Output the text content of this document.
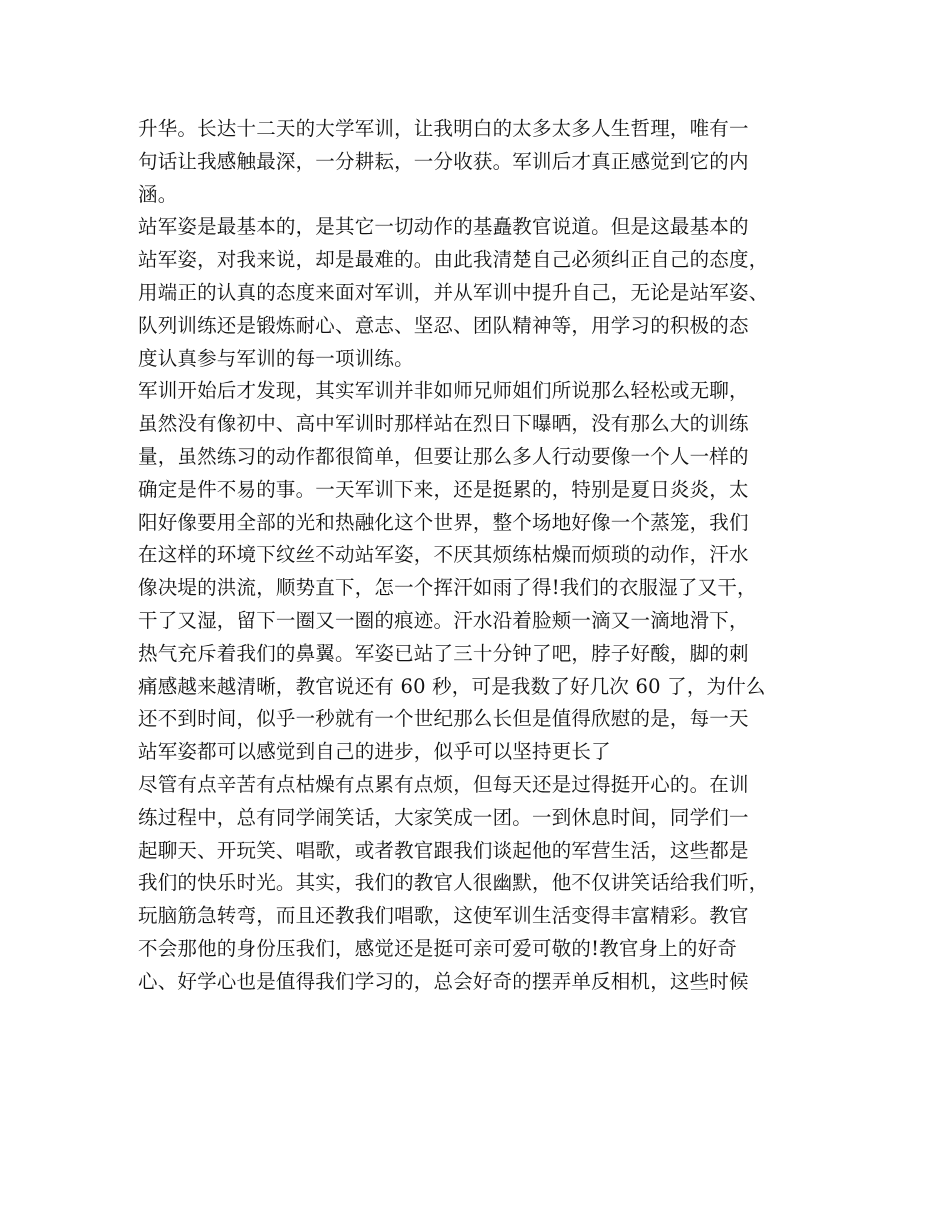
升华。长达十二天的大学军训，让我明白的太多太多人生哲理，唯有一
句话让我感触最深，一分耕耘，一分收获。军训后才真正感觉到它的内
涵。
站军姿是最基本的，是其它一切动作的基矗教官说道。但是这最基本的
站军姿，对我来说，却是最难的。由此我清楚自己必须纠正自己的态度，
用端正的认真的态度来面对军训，并从军训中提升自己，无论是站军姿、
队列训练还是锻炼耐心、意志、坚忍、团队精神等，用学习的积极的态
度认真参与军训的每一项训练。
军训开始后才发现，其实军训并非如师兄师姐们所说那么轻松或无聊，
虽然没有像初中、高中军训时那样站在烈日下曝晒，没有那么大的训练
量，虽然练习的动作都很简单，但要让那么多人行动要像一个人一样的
确定是件不易的事。一天军训下来，还是挺累的，特别是夏日炎炎，太
阳好像要用全部的光和热融化这个世界，整个场地好像一个蒸笼，我们
在这样的环境下纹丝不动站军姿，不厌其烦练枯燥而烦琐的动作，汗水
像决堤的洪流，顺势直下，怎一个挥汗如雨了得!我们的衣服湿了又干，
干了又湿，留下一圈又一圈的痕迹。汗水沿着脸颊一滴又一滴地滑下，
热气充斥着我们的鼻翼。军姿已站了三十分钟了吧，脖子好酸，脚的刺
痛感越来越清晰，教官说还有 60 秒，可是我数了好几次 60 了，为什么
还不到时间，似乎一秒就有一个世纪那么长但是值得欣慰的是，每一天
站军姿都可以感觉到自己的进步，似乎可以坚持更长了
尽管有点辛苦有点枯燥有点累有点烦，但每天还是过得挺开心的。在训
练过程中，总有同学闹笑话，大家笑成一团。一到休息时间，同学们一
起聊天、开玩笑、唱歌，或者教官跟我们谈起他的军营生活，这些都是
我们的快乐时光。其实，我们的教官人很幽默，他不仅讲笑话给我们听，
玩脑筋急转弯，而且还教我们唱歌，这使军训生活变得丰富精彩。教官
不会那他的身份压我们，感觉还是挺可亲可爱可敬的!教官身上的好奇
心、好学心也是值得我们学习的，总会好奇的摆弄单反相机，这些时候
